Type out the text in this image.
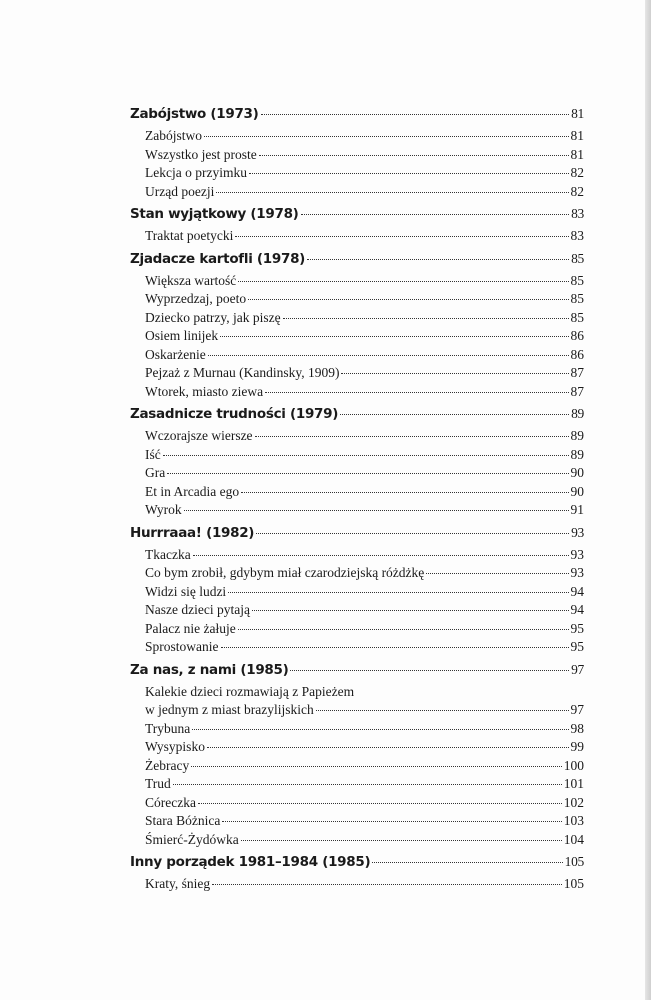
Zabójstwo (1973)	81
Zabójstwo	81
Wszystko jest proste	81
Lekcja o przyimku	82
Urząd poezji	82
Stan wyjątkowy (1978)	83
Traktat poetycki	83
Zjadacze kartofli (1978)	85
Większa wartość	85
Wyprzedzaj, poeto	85
Dziecko patrzy, jak piszę	85
Osiem linijek	86
Oskarżenie	86
Pejzaż z Murnau (Kandinsky, 1909)	87
Wtorek, miasto ziewa	87
Zasadnicze trudności (1979)	89
Wczorajsze wiersze	89
Iść	89
Gra	90
Et in Arcadia ego	90
Wyrok	91
Hurrraaa! (1982)	93
Tkaczka	93
Co bym zrobił, gdybym miał czarodziejską różdżkę	93
Widzi się ludzi	94
Nasze dzieci pytają	94
Palacz nie żałuje	95
Sprostowanie	95
Za nas, z nami (1985)	97
Kalekie dzieci rozmawiają z Papieżem
w jednym z miast brazylijskich	97
Trybuna	98
Wysypisko	99
Żebracy	100
Trud	101
Córeczka	102
Stara Bóżnica	103
Śmierć-Żydówka	104
Inny porządek 1981–1984 (1985)	105
Kraty, śnieg	105
